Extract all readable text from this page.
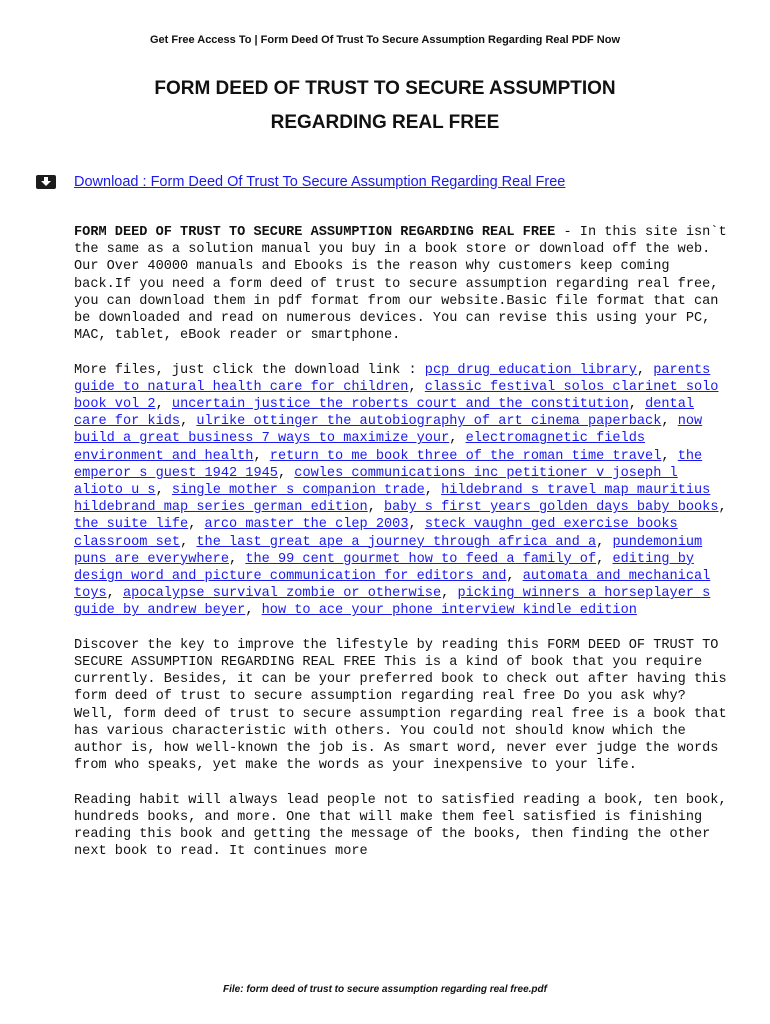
Get Free Access To | Form Deed Of Trust To Secure Assumption Regarding Real PDF Now
FORM DEED OF TRUST TO SECURE ASSUMPTION
REGARDING REAL FREE
Download : Form Deed Of Trust To Secure Assumption Regarding Real Free

FORM DEED OF TRUST TO SECURE ASSUMPTION REGARDING REAL FREE - In this site isn`t the same as a solution manual you buy in a book store or download off the web. Our Over 40000 manuals and Ebooks is the reason why customers keep coming back.If you need a form deed of trust to secure assumption regarding real free, you can download them in pdf format from our website.Basic file format that can be downloaded and read on numerous devices. You can revise this using your PC, MAC, tablet, eBook reader or smartphone.

More files, just click the download link : pcp drug education library, parents guide to natural health care for children, classic festival solos clarinet solo book vol 2, uncertain justice the roberts court and the constitution, dental care for kids, ulrike ottinger the autobiography of art cinema paperback, now build a great business 7 ways to maximize your, electromagnetic fields environment and health, return to me book three of the roman time travel, the emperor s guest 1942 1945, cowles communications inc petitioner v joseph l alioto u s, single mother s companion trade, hildebrand s travel map mauritius hildebrand map series german edition, baby s first years golden days baby books, the suite life, arco master the clep 2003, steck vaughn ged exercise books classroom set, the last great ape a journey through africa and a, pundemonium puns are everywhere, the 99 cent gourmet how to feed a family of, editing by design word and picture communication for editors and, automata and mechanical toys, apocalypse survival zombie or otherwise, picking winners a horseplayer s guide by andrew beyer, how to ace your phone interview kindle edition

Discover the key to improve the lifestyle by reading this FORM DEED OF TRUST TO SECURE ASSUMPTION REGARDING REAL FREE This is a kind of book that you require currently. Besides, it can be your preferred book to check out after having this form deed of trust to secure assumption regarding real free Do you ask why? Well, form deed of trust to secure assumption regarding real free is a book that has various characteristic with others. You could not should know which the author is, how well-known the job is. As smart word, never ever judge the words from who speaks, yet make the words as your inexpensive to your life.

Reading habit will always lead people not to satisfied reading a book, ten book, hundreds books, and more. One that will make them feel satisfied is finishing reading this book and getting the message of the books, then finding the other next book to read. It continues more

File: form deed of trust to secure assumption regarding real free.pdf
